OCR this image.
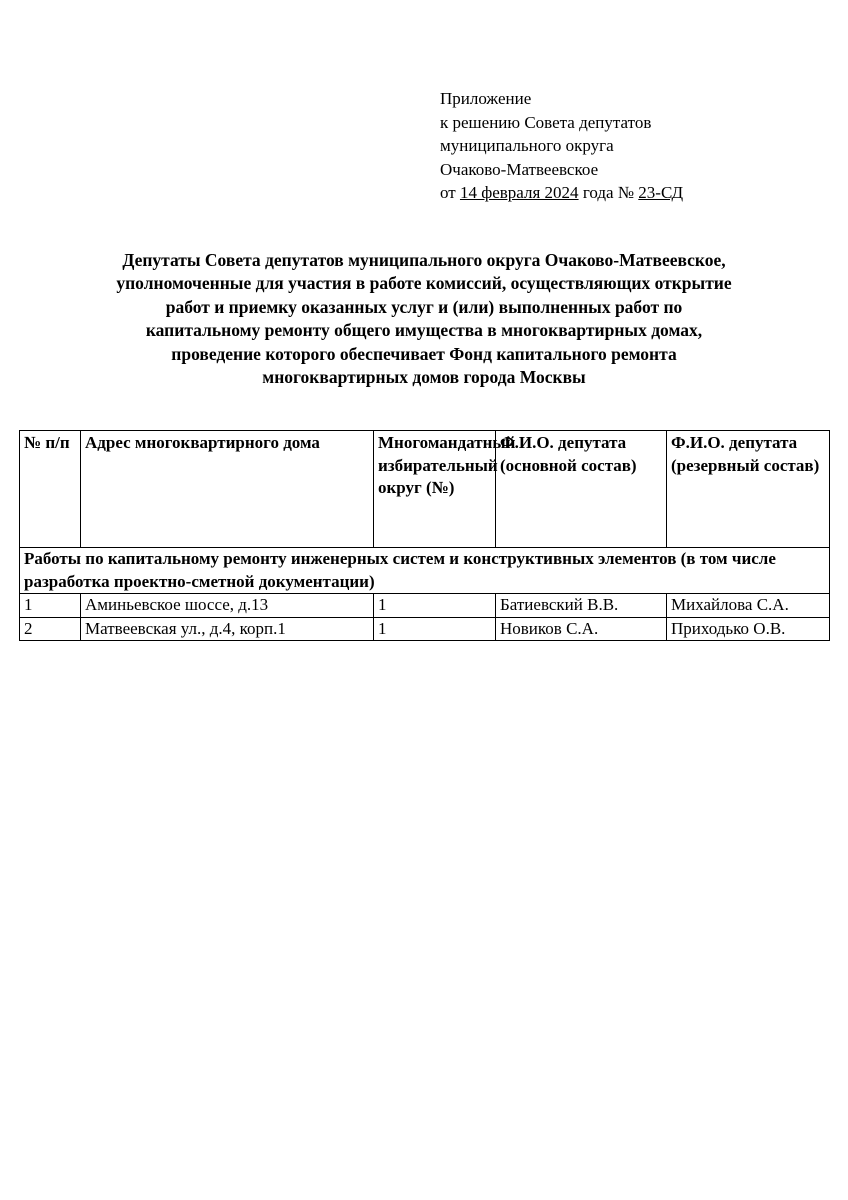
Приложение
к решению Совета депутатов
муниципального округа
Очаково-Матвеевское
от 14 февраля 2024 года № 23-СД
Депутаты Совета депутатов муниципального округа Очаково-Матвеевское,
уполномоченные для участия в работе комиссий, осуществляющих открытие
работ и приемку оказанных услуг и (или) выполненных работ по
капитальному ремонту общего имущества в многоквартирных домах,
проведение которого обеспечивает Фонд капитального ремонта
многоквартирных домов города Москвы
№ п/п	Адрес многоквартирного дома	Многомандатный избирательный округ (№)	Ф.И.О. депутата (основной состав)	Ф.И.О. депутата (резервный состав)
Работы по капитальному ремонту инженерных систем и конструктивных элементов (в том числе разработка проектно-сметной документации)				
1	Аминьевское шоссе, д.13	1	Батиевский В.В.	Михайлова С.А.
2	Матвеевская ул., д.4, корп.1	1	Новиков С.А.	Приходько О.В.
